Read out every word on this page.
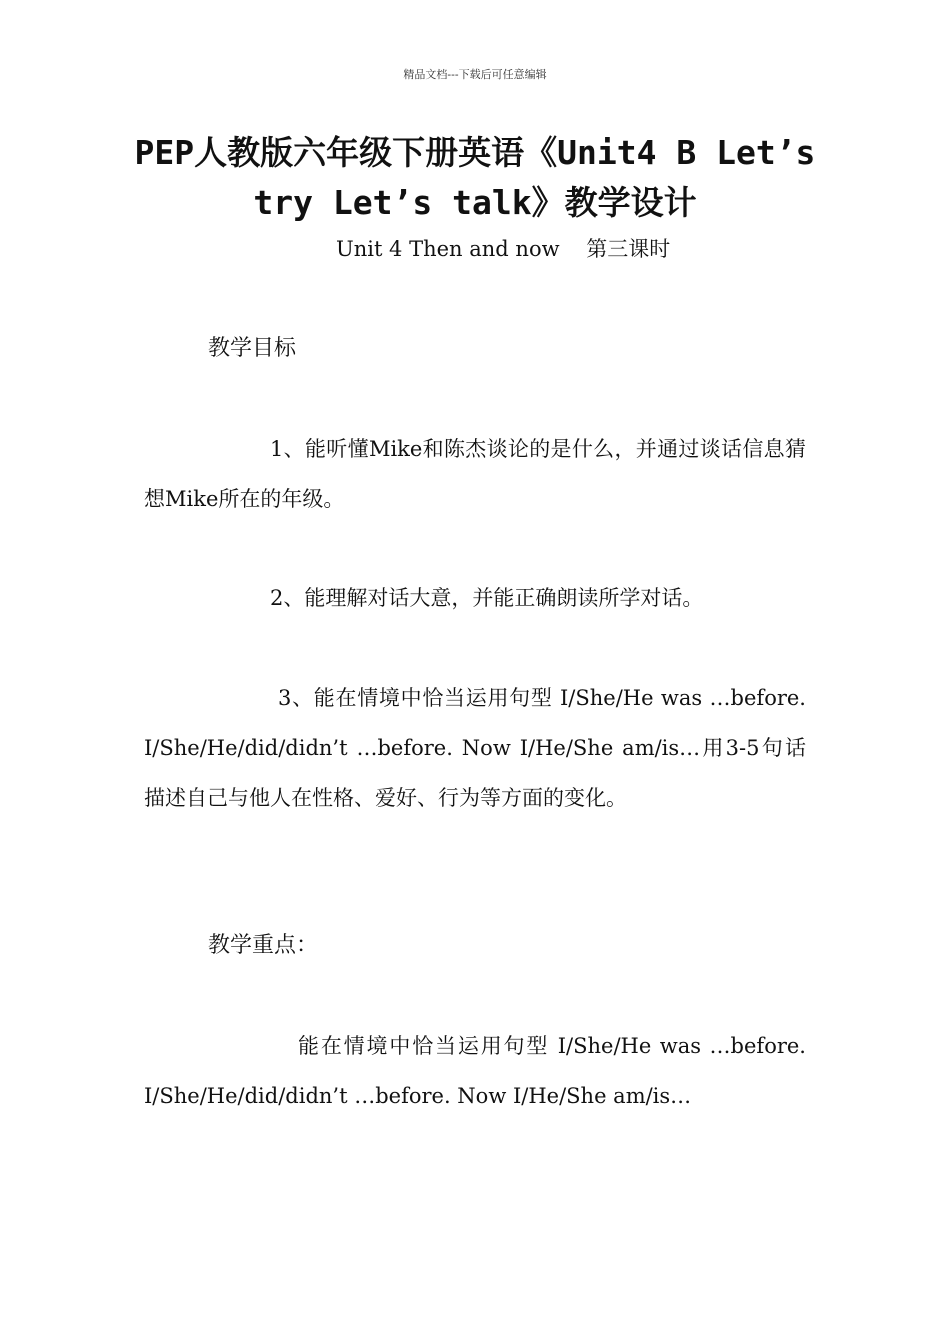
精品文档---下载后可任意编辑
PEP人教版六年级下册英语《Unit4 B Let’s try Let’s talk》教学设计
Unit 4 Then and now    第三课时
教学目标

1、能听懂Mike和陈杰谈论的是什么，并通过谈话信息猜想Mike所在的年级。

2、能理解对话大意，并能正确朗读所学对话。

3、能在情境中恰当运用句型 I/She/He was …before. I/She/He/did/didn’t …before. Now I/He/She am/is…用3-5句话描述自己与他人在性格、爱好、行为等方面的变化。

教学重点：

能在情境中恰当运用句型 I/She/He was …before. I/She/He/did/didn’t …before. Now I/He/She am/is…
